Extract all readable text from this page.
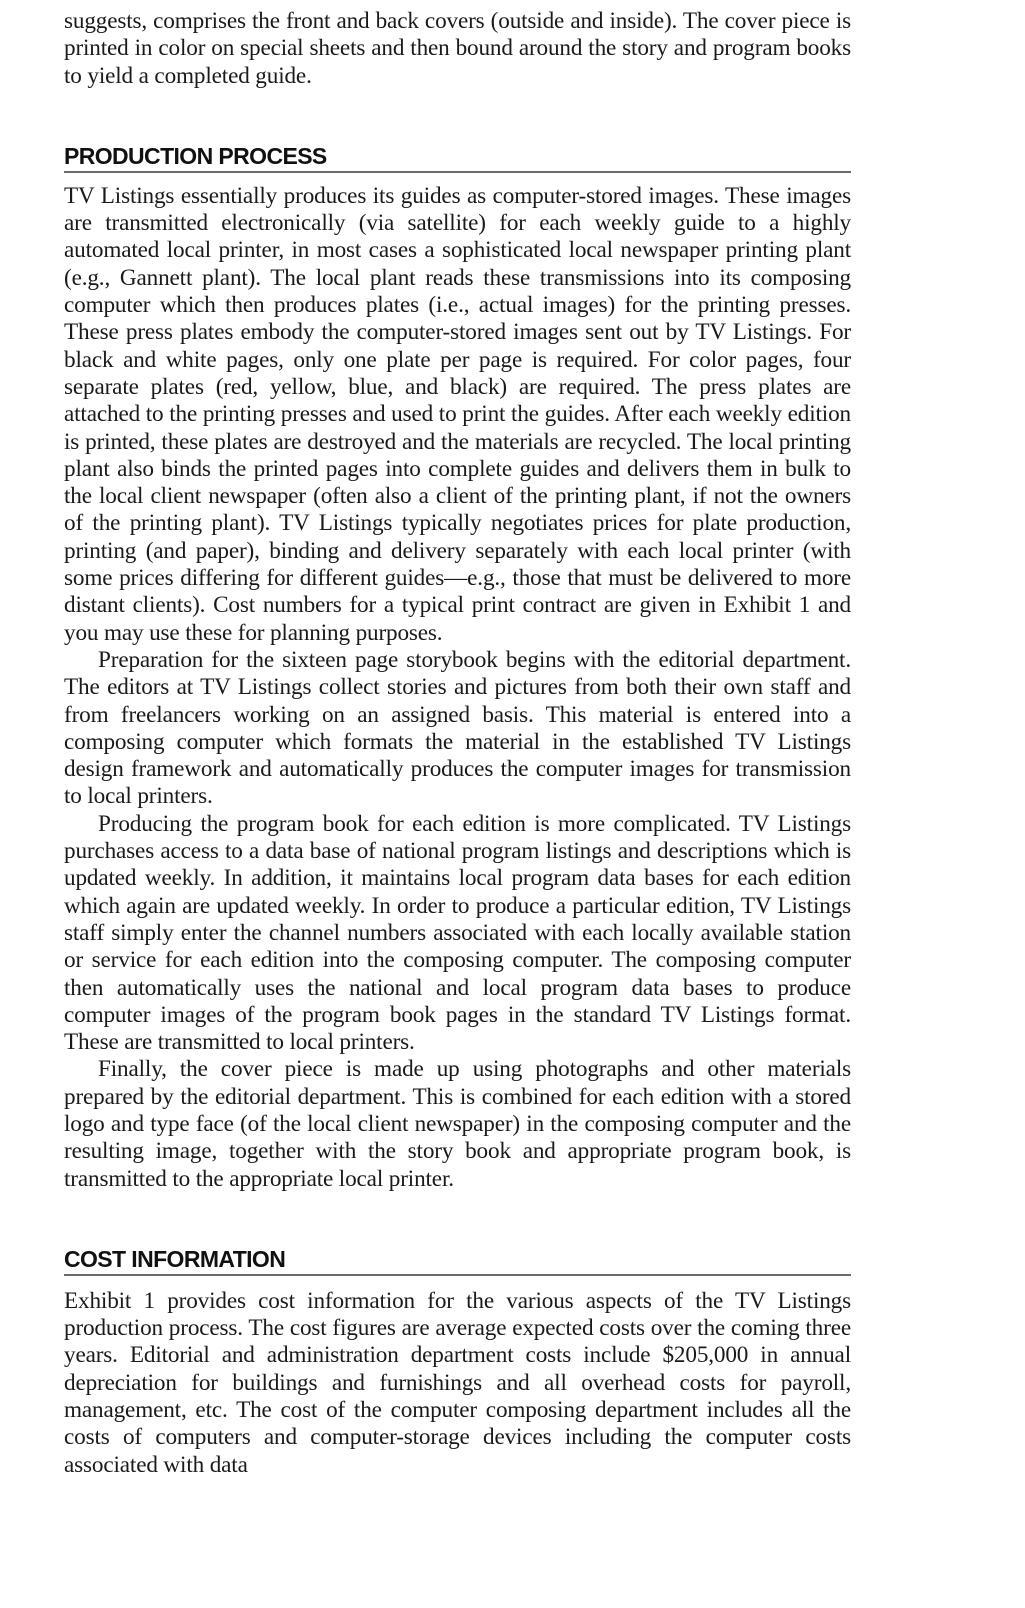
suggests, comprises the front and back covers (outside and inside). The cover piece is printed in color on special sheets and then bound around the story and program books to yield a completed guide.

PRODUCTION PROCESS

TV Listings essentially produces its guides as computer-stored images. These images are transmitted electronically (via satellite) for each weekly guide to a highly automated local printer, in most cases a sophisticated local newspaper printing plant (e.g., Gannett plant). The local plant reads these transmissions into its composing computer which then produces plates (i.e., actual images) for the printing presses. These press plates embody the computer-stored images sent out by TV Listings. For black and white pages, only one plate per page is required. For color pages, four separate plates (red, yellow, blue, and black) are required. The press plates are attached to the printing presses and used to print the guides. After each weekly edition is printed, these plates are destroyed and the materials are recycled. The local printing plant also binds the printed pages into complete guides and delivers them in bulk to the local client newspaper (often also a client of the printing plant, if not the owners of the printing plant). TV Listings typically negotiates prices for plate production, printing (and paper), binding and delivery separately with each local printer (with some prices differing for different guides—e.g., those that must be delivered to more distant clients). Cost numbers for a typical print contract are given in Exhibit 1 and you may use these for planning purposes.

Preparation for the sixteen page storybook begins with the editorial department. The editors at TV Listings collect stories and pictures from both their own staff and from freelancers working on an assigned basis. This material is entered into a composing computer which formats the material in the established TV Listings design framework and automatically produces the computer images for transmission to local printers.

Producing the program book for each edition is more complicated. TV Listings purchases access to a data base of national program listings and descriptions which is updated weekly. In addition, it maintains local program data bases for each edition which again are updated weekly. In order to produce a particular edition, TV Listings staff simply enter the channel numbers associated with each locally available station or service for each edition into the composing computer. The composing computer then automatically uses the national and local program data bases to produce computer images of the program book pages in the standard TV Listings format. These are transmitted to local printers.

Finally, the cover piece is made up using photographs and other materials prepared by the editorial department. This is combined for each edition with a stored logo and type face (of the local client newspaper) in the composing computer and the resulting image, together with the story book and appropriate program book, is transmitted to the appropriate local printer.

COST INFORMATION

Exhibit 1 provides cost information for the various aspects of the TV Listings production process. The cost figures are average expected costs over the coming three years. Editorial and administration department costs include $205,000 in annual depreciation for buildings and furnishings and all overhead costs for payroll, management, etc. The cost of the computer composing department includes all the costs of computers and computer-storage devices including the computer costs associated with data
